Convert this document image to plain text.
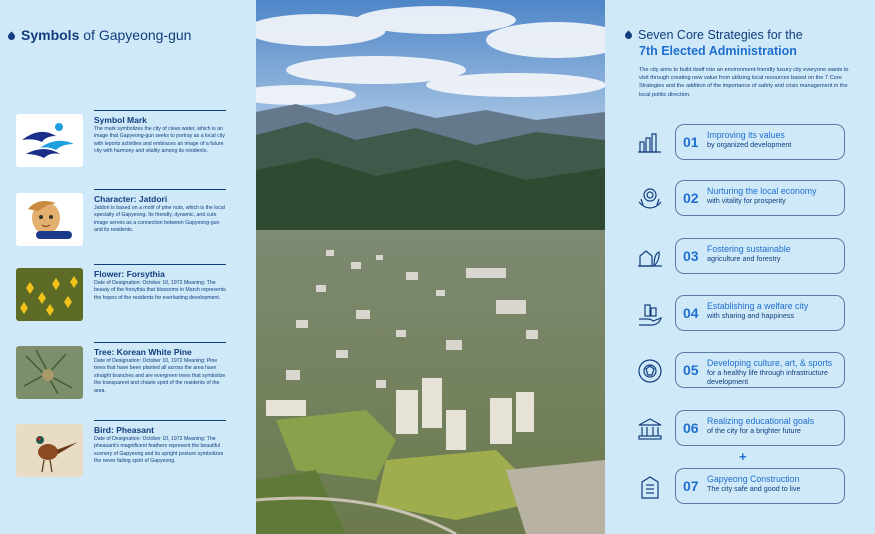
Symbols of Gapyeong-gun
Symbol Mark
The mark symbolizes the city of clean water, which is an image that Gapyeong-gun seeks to portray as a local city with leports activities and embraces an image of a future city with harmony and vitality among its residents.
Character: Jatdori
Jatdori is based on a motif of pine nuts, which is the local specialty of Gapyeong. Its friendly, dynamic, and cute image serves as a connection between Gapyeong-gun and its residents.
Flower: Forsythia
Date of Designation: October 10, 1972 Meaning: The beauty of the forsythia that blossoms in March represents the hopes of the residents for everlasting development.
Tree: Korean White Pine
Date of Designation: October 10, 1972 Meaning: Pine trees that have been planted all across the area have straight branches and are evergreen trees that symbolize the transparent and chaste spirit of the residents of the area.
Bird: Pheasant
Date of Designation: October 10, 1972 Meaning: The pheasant's magnificent feathers represent the beautiful scenery of Gapyeong and its upright posture symbolizes the never failing spirit of Gapyeong.
Seven Core Strategies for the
7th Elected Administration
The city aims to build itself into an environment-friendly luxury city everyone wants to visit through creating new value from utilizing local resources based on the 7 Core Strategies and the addition of the importance of safety and crisis management in the local politic direction.
01 Improving its values
by organized development
02 Nurturing the local economy
with vitality for prosperity
03 Fostering sustainable
agriculture and forestry
04 Establishing a welfare city
with sharing and happiness
05 Developing culture, art, & sports
for a healthy life through infrastructure development
06 Realizing educational goals
of the city for a brighter future
+
07 Gapyeong Construction
The city safe and good to live
